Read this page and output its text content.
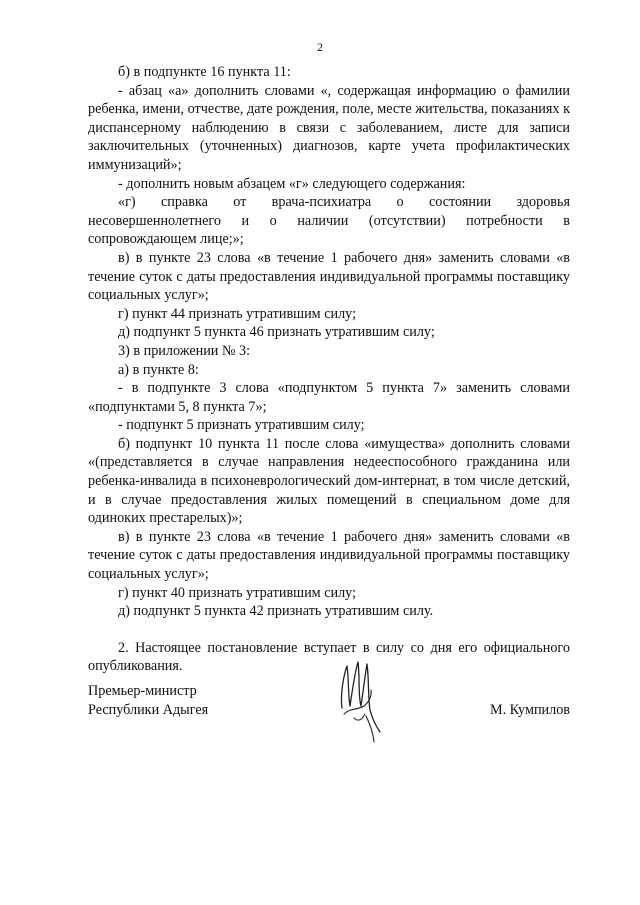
2

б) в подпункте 16 пункта 11:

- абзац «а» дополнить словами «, содержащая информацию о фамилии ребенка, имени, отчестве, дате рождения, поле, месте жительства, показаниях к диспансерному наблюдению в связи с заболеванием, листе для записи заключительных (уточненных) диагнозов, карте учета профилактических иммунизаций»;

- дополнить новым абзацем «г» следующего содержания:

«г) справка от врача-психиатра о состоянии здоровья несовершеннолетнего и о наличии (отсутствии) потребности в сопровождающем лице;»;

в) в пункте 23 слова «в течение 1 рабочего дня» заменить словами «в течение суток с даты предоставления индивидуальной программы поставщику социальных услуг»;

г) пункт 44 признать утратившим силу;

д) подпункт 5 пункта 46 признать утратившим силу;

3) в приложении № 3:

а) в пункте 8:

- в подпункте 3 слова «подпунктом 5 пункта 7» заменить словами «подпунктами 5, 8 пункта 7»;

- подпункт 5 признать утратившим силу;

б) подпункт 10 пункта 11 после слова «имущества» дополнить словами «(представляется в случае направления недееспособного гражданина или ребенка-инвалида в психоневрологический дом-интернат, в том числе детский, и в случае предоставления жилых помещений в специальном доме для одиноких престарелых)»;

в) в пункте 23 слова «в течение 1 рабочего дня» заменить словами «в течение суток с даты предоставления индивидуальной программы поставщику социальных услуг»;

г) пункт 40 признать утратившим силу;

д) подпункт 5 пункта 42 признать утратившим силу.

2. Настоящее постановление вступает в силу со дня его официального опубликования.

Премьер-министр
Республики Адыгея	М. Кумпилов
